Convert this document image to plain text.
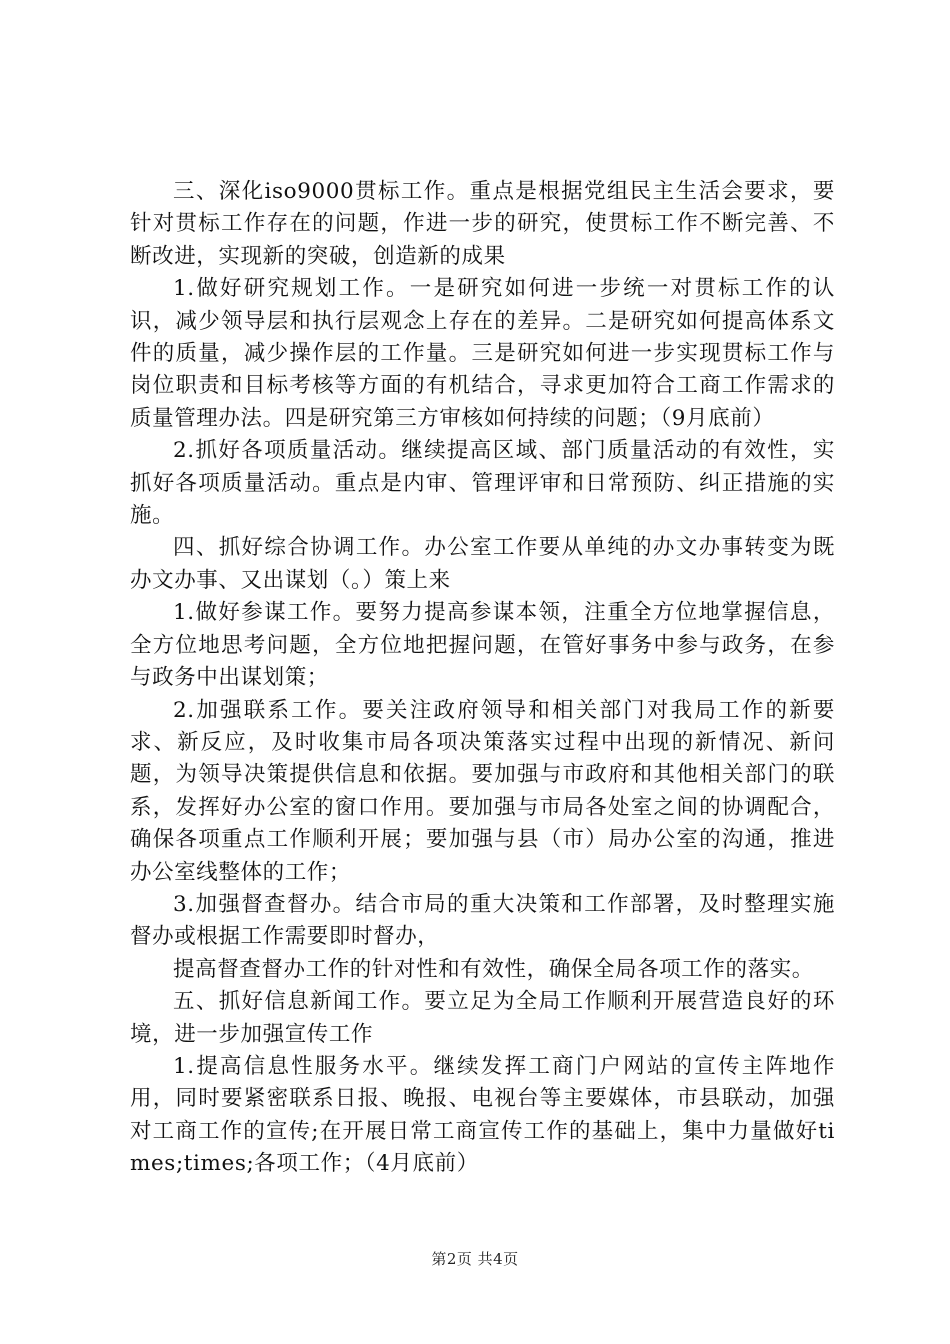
三、深化iso9000贯标工作。重点是根据党组民主生活会要求，要针对贯标工作存在的问题，作进一步的研究，使贯标工作不断完善、不断改进，实现新的突破，创造新的成果

1.做好研究规划工作。一是研究如何进一步统一对贯标工作的认识，减少领导层和执行层观念上存在的差异。二是研究如何提高体系文件的质量，减少操作层的工作量。三是研究如何进一步实现贯标工作与岗位职责和目标考核等方面的有机结合，寻求更加符合工商工作需求的质量管理办法。四是研究第三方审核如何持续的问题；（9月底前）

2.抓好各项质量活动。继续提高区域、部门质量活动的有效性，实抓好各项质量活动。重点是内审、管理评审和日常预防、纠正措施的实施。

四、抓好综合协调工作。办公室工作要从单纯的办文办事转变为既办文办事、又出谋划（。）策上来

1.做好参谋工作。要努力提高参谋本领，注重全方位地掌握信息，全方位地思考问题，全方位地把握问题，在管好事务中参与政务，在参与政务中出谋划策；

2.加强联系工作。要关注政府领导和相关部门对我局工作的新要求、新反应，及时收集市局各项决策落实过程中出现的新情况、新问题，为领导决策提供信息和依据。要加强与市政府和其他相关部门的联系，发挥好办公室的窗口作用。要加强与市局各处室之间的协调配合，确保各项重点工作顺利开展；要加强与县（市）局办公室的沟通，推进办公室线整体的工作；

3.加强督查督办。结合市局的重大决策和工作部署，及时整理实施督办或根据工作需要即时督办，

提高督查督办工作的针对性和有效性，确保全局各项工作的落实。

五、抓好信息新闻工作。要立足为全局工作顺利开展营造良好的环境，进一步加强宣传工作

1.提高信息性服务水平。继续发挥工商门户网站的宣传主阵地作用，同时要紧密联系日报、晚报、电视台等主要媒体，市县联动，加强对工商工作的宣传;在开展日常工商宣传工作的基础上，集中力量做好times;times;各项工作；（4月底前）

第2页 共4页
